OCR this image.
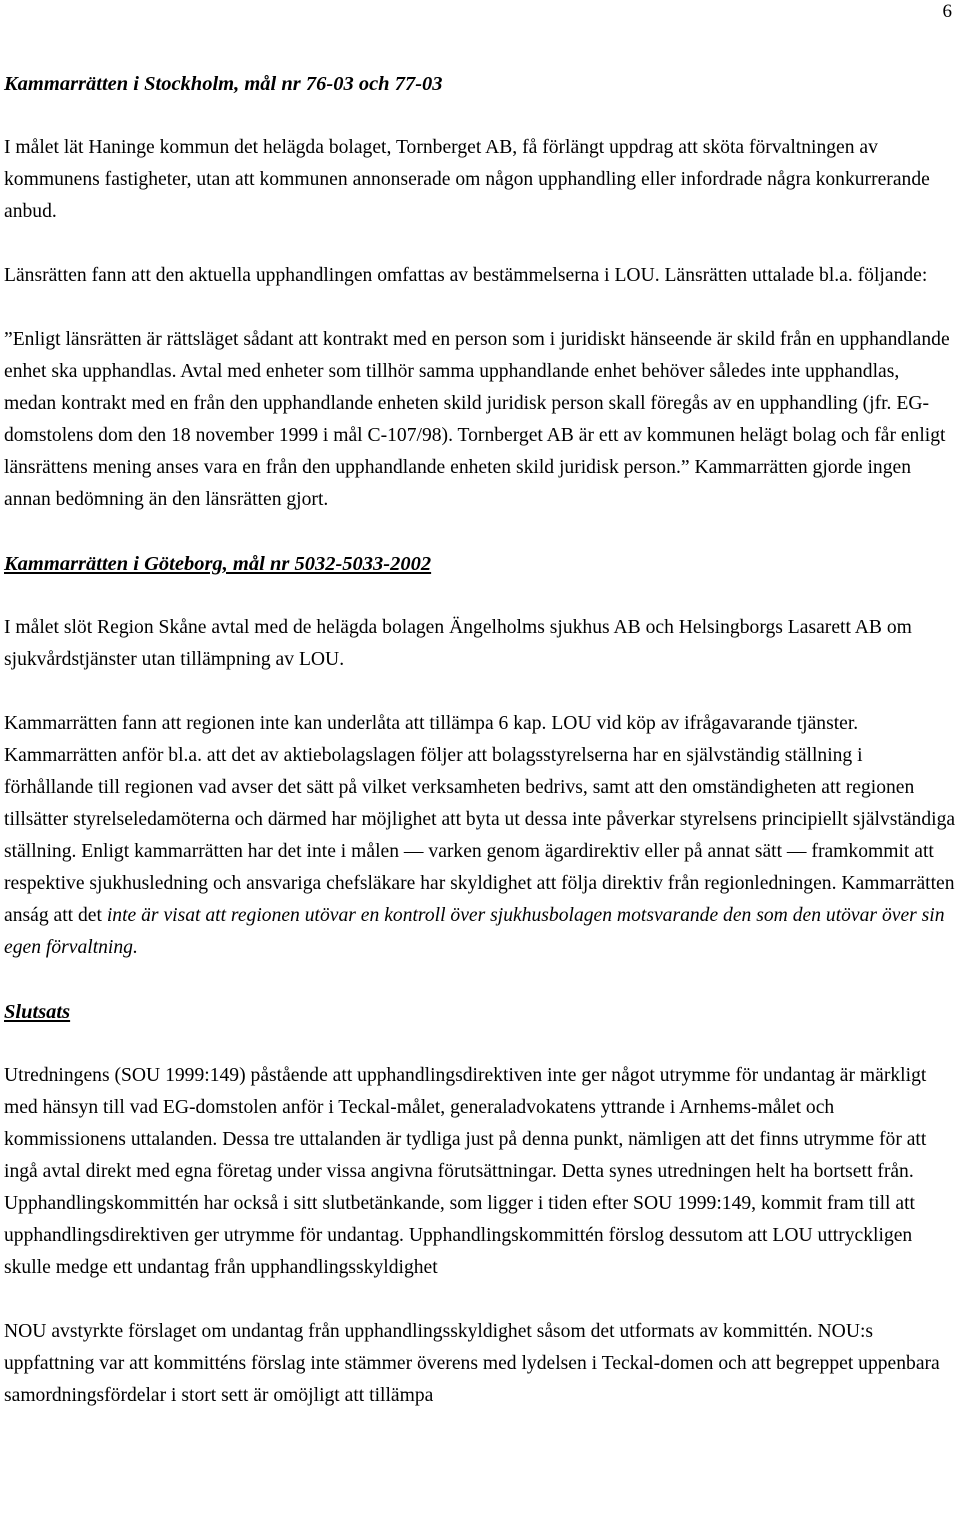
6

Kammarrätten i Stockholm, mål nr 76-03 och 77-03

I målet lät Haninge kommun det helägda bolaget, Tornberget AB, få förlängt uppdrag att sköta förvaltningen av kommunens fastigheter, utan att kommunen annonserade om någon upphandling eller infordrade några konkurrerande anbud.

Länsrätten fann att den aktuella upphandlingen omfattas av bestämmelserna i LOU. Länsrätten uttalade bl.a. följande:

”Enligt länsrätten är rättsläget sådant att kontrakt med en person som i juridiskt hänseende är skild från en upphandlande enhet ska upphandlas. Avtal med enheter som tillhör samma upphandlande enhet behöver således inte upphandlas, medan kontrakt med en från den upphandlande enheten skild juridisk person skall föregås av en upphandling (jfr. EG-domstolens dom den 18 november 1999 i mål C-107/98). Tornberget AB är ett av kommunen helägt bolag och får enligt länsrättens mening anses vara en från den upphandlande enheten skild juridisk person.” Kammarrätten gjorde ingen annan bedömning än den länsrätten gjort.

Kammarrätten i Göteborg, mål nr 5032-5033-2002

I målet slöt Region Skåne avtal med de helägda bolagen Ängelholms sjukhus AB och Helsingborgs Lasarett AB om sjukvårdstjänster utan tillämpning av LOU.

Kammarrätten fann att regionen inte kan underlåta att tillämpa 6 kap. LOU vid köp av ifrågavarande tjänster. Kammarrätten anför bl.a. att det av aktiebolagslagen följer att bolagsstyrelserna har en självständig ställning i förhållande till regionen vad avser det sätt på vilket verksamheten bedrivs, samt att den omständigheten att regionen tillsätter styrelseledamöterna och därmed har möjlighet att byta ut dessa inte påverkar styrelsens principiellt självständiga ställning. Enligt kammarrätten har det inte i målen — varken genom ägardirektiv eller på annat sätt — framkommit att respektive sjukhusledning och ansvariga chefsläkare har skyldighet att följa direktiv från regionledningen. Kammarrätten anság att det inte är visat att regionen utövar en kontroll över sjukhusbolagen motsvarande den som den utövar över sin egen förvaltning.

Slutsats

Utredningens (SOU 1999:149) påstående att upphandlingsdirektiven inte ger något utrymme för undantag är märkligt med hänsyn till vad EG-domstolen anför i Teckal-målet, generaladvokatens yttrande i Arnhems-målet och kommissionens uttalanden. Dessa tre uttalanden är tydliga just på denna punkt, nämligen att det finns utrymme för att ingå avtal direkt med egna företag under vissa angivna förutsättningar. Detta synes utredningen helt ha bortsett från. Upphandlingskommittén har också i sitt slutbetänkande, som ligger i tiden efter SOU 1999:149, kommit fram till att upphandlingsdirektiven ger utrymme för undantag. Upphandlingskommittén förslog dessutom att LOU uttryckligen skulle medge ett undantag från upphandlingsskyldighet

NOU avstyrkte förslaget om undantag från upphandlingsskyldighet såsom det utformats av kommittén. NOU:s uppfattning var att kommitténs förslag inte stämmer överens med lydelsen i Teckal-domen och att begreppet uppenbara samordningsfördelar i stort sett är omöjligt att tillämpa
